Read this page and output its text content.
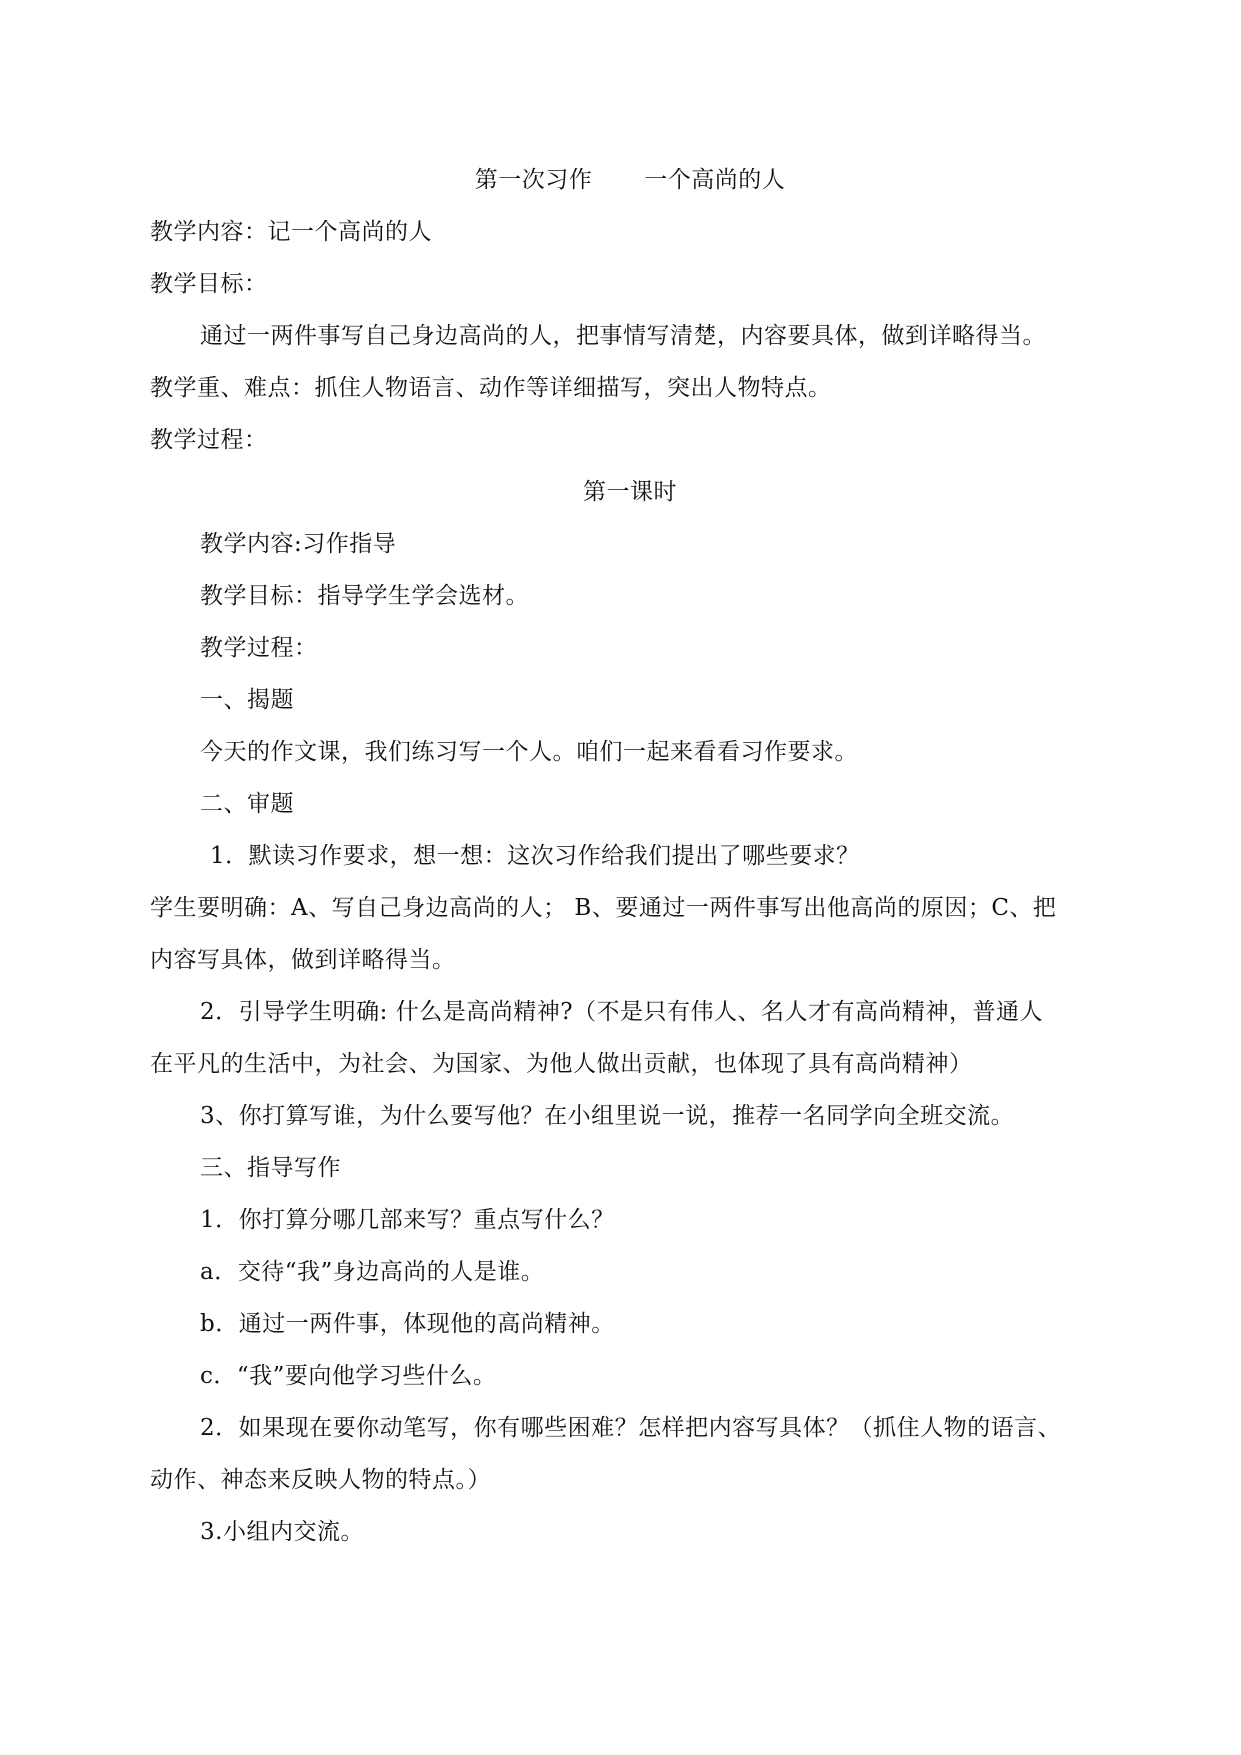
第一次习作 一个高尚的人
教学内容：记一个高尚的人
教学目标：
通过一两件事写自己身边高尚的人，把事情写清楚，内容要具体，做到详略得当。
教学重、难点：抓住人物语言、动作等详细描写，突出人物特点。
教学过程：
第一课时
教学内容:习作指导
教学目标：指导学生学会选材。
教学过程：
一、揭题
今天的作文课，我们练习写一个人。咱们一起来看看习作要求。
二、审题
1．默读习作要求，想一想：这次习作给我们提出了哪些要求？
学生要明确：A、写自己身边高尚的人； B、要通过一两件事写出他高尚的原因；C、把
内容写具体，做到详略得当。
2．引导学生明确: 什么是高尚精神?（不是只有伟人、名人才有高尚精神，普通人
在平凡的生活中，为社会、为国家、为他人做出贡献，也体现了具有高尚精神）
3、你打算写谁，为什么要写他？在小组里说一说，推荐一名同学向全班交流。
三、指导写作
1．你打算分哪几部来写？重点写什么？
a．交待“我”身边高尚的人是谁。
b．通过一两件事，体现他的高尚精神。
c．“我”要向他学习些什么。
2．如果现在要你动笔写，你有哪些困难？怎样把内容写具体？（抓住人物的语言、
动作、神态来反映人物的特点。）
3.小组内交流。
